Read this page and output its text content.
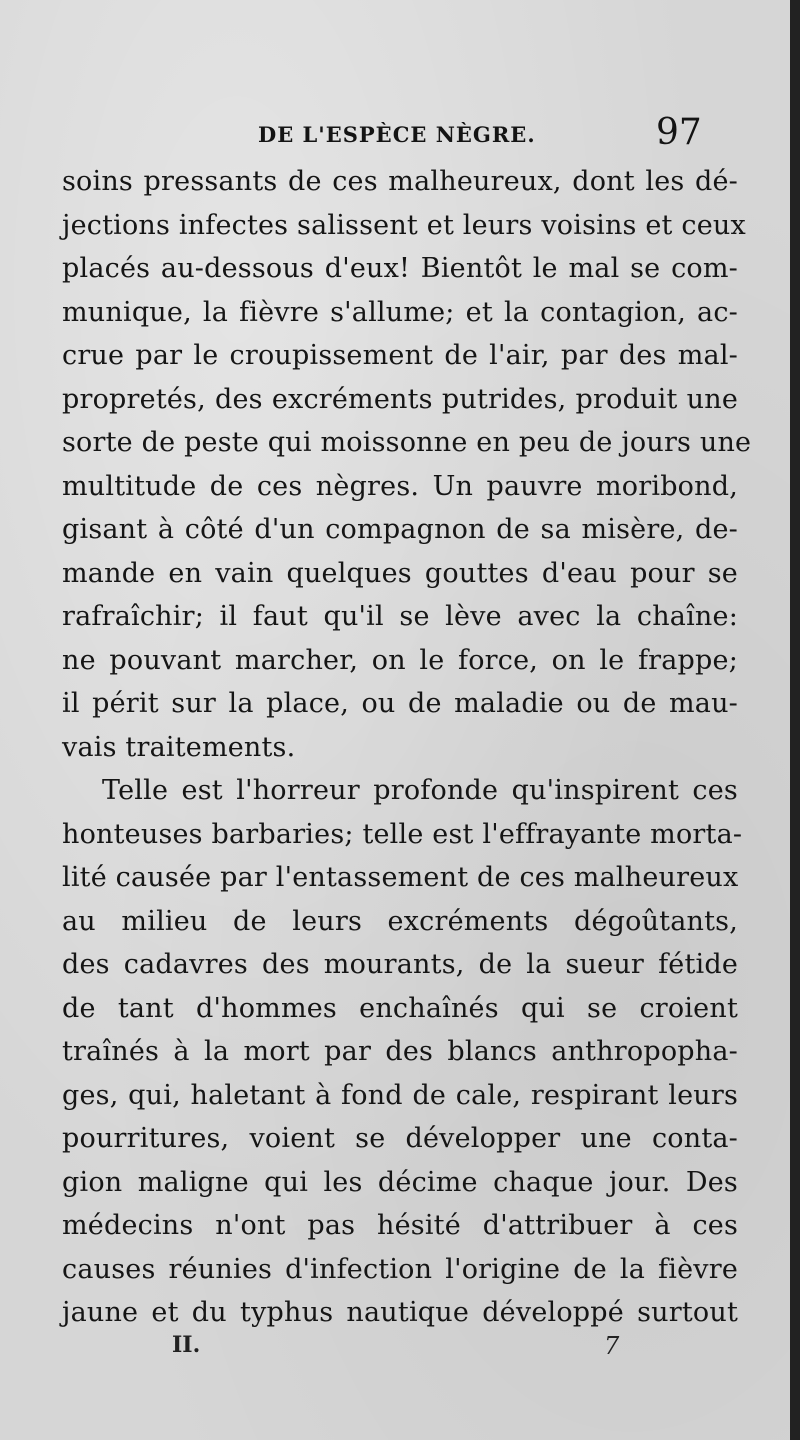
DE L'ESPÈCE NÈGRE.	97
soins pressants de ces malheureux, dont les dé-
jections infectes salissent et leurs voisins et ceux
placés au-dessous d'eux! Bientôt le mal se com-
munique, la fièvre s'allume; et la contagion, ac-
crue par le croupissement de l'air, par des mal-
propretés, des excréments putrides, produit une
sorte de peste qui moissonne en peu de jours une
multitude de ces nègres. Un pauvre moribond,
gisant à côté d'un compagnon de sa misère, de-
mande en vain quelques gouttes d'eau pour se
rafraîchir; il faut qu'il se lève avec la chaîne:
ne pouvant marcher, on le force, on le frappe;
il périt sur la place, ou de maladie ou de mau-
vais traitements.
Telle est l'horreur profonde qu'inspirent ces
honteuses barbaries; telle est l'effrayante morta-
lité causée par l'entassement de ces malheureux
au milieu de leurs excréments dégoûtants,
des cadavres des mourants, de la sueur fétide
de tant d'hommes enchaînés qui se croient
traînés à la mort par des blancs anthropopha-
ges, qui, haletant à fond de cale, respirant leurs
pourritures, voient se développer une conta-
gion maligne qui les décime chaque jour. Des
médecins n'ont pas hésité d'attribuer à ces
causes réunies d'infection l'origine de la fièvre
jaune et du typhus nautique développé surtout
II.	7
